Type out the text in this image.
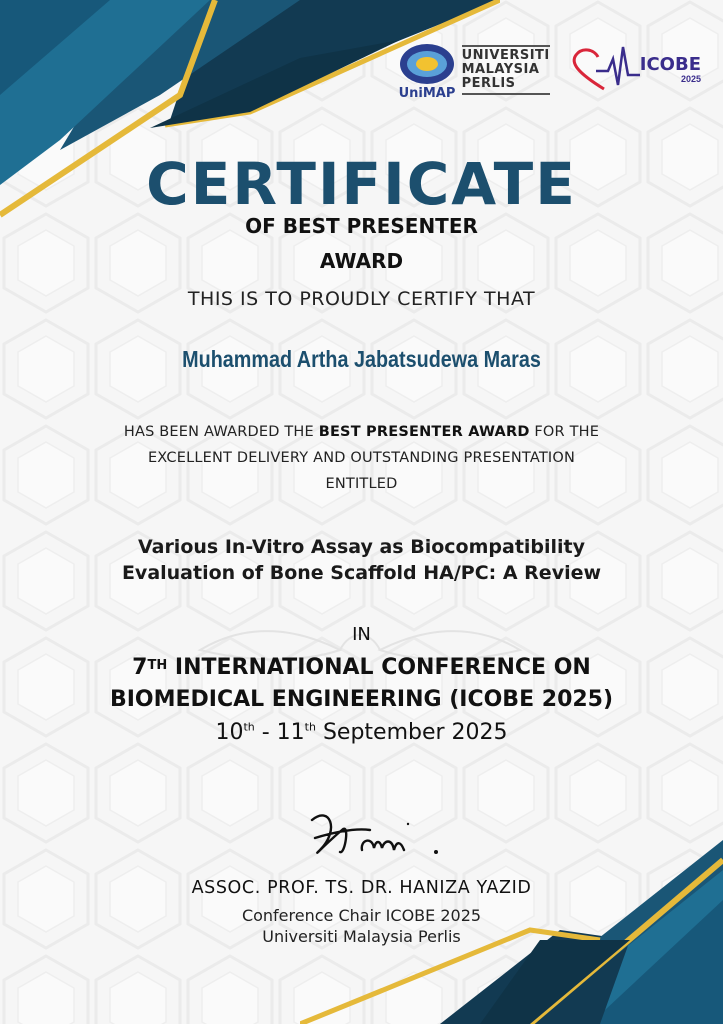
UniMAP
UNIVERSITI
MALAYSIA
PERLIS
ICOBE
2025
CERTIFICATE
OF BEST PRESENTER
AWARD
THIS IS TO PROUDLY CERTIFY THAT
Muhammad Artha Jabatsudewa Maras
HAS BEEN AWARDED THE BEST PRESENTER AWARD FOR THE
EXCELLENT DELIVERY AND OUTSTANDING PRESENTATION
ENTITLED
Various In-Vitro Assay as Biocompatibility
Evaluation of Bone Scaffold HA/PC: A Review
IN
7TH INTERNATIONAL CONFERENCE ON
BIOMEDICAL ENGINEERING (ICOBE 2025)
10th - 11th September 2025
ASSOC. PROF. TS. DR. HANIZA YAZID
Conference Chair ICOBE 2025
Universiti Malaysia Perlis
